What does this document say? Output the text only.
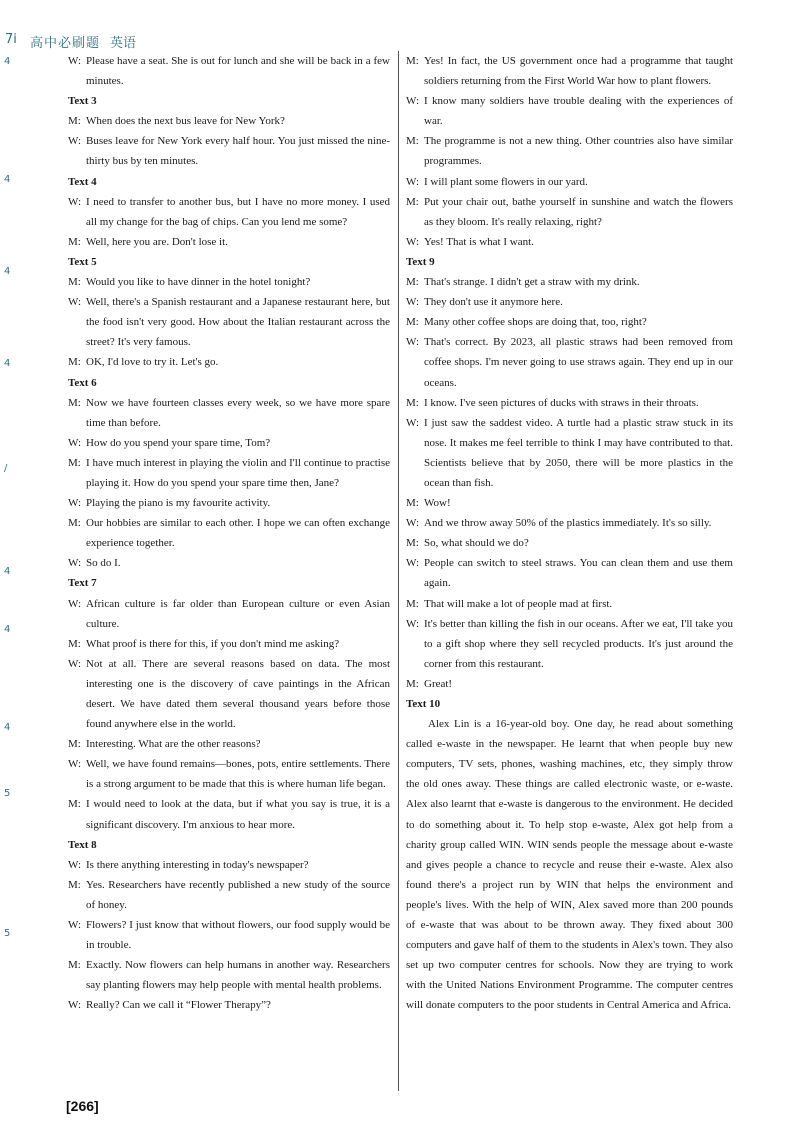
4
4
4
4
/
4
4
4
5
5
7i 高中必刷题 英语
W: Please have a seat. She is out for lunch and she will be back in a few minutes.
Text 3
M: When does the next bus leave for New York?
W: Buses leave for New York every half hour. You just missed the nine-thirty bus by ten minutes.
Text 4
W: I need to transfer to another bus, but I have no more money. I used all my change for the bag of chips. Can you lend me some?
M: Well, here you are. Don't lose it.
Text 5
M: Would you like to have dinner in the hotel tonight?
W: Well, there's a Spanish restaurant and a Japanese restaurant here, but the food isn't very good. How about the Italian restaurant across the street? It's very famous.
M: OK, I'd love to try it. Let's go.
Text 6
M: Now we have fourteen classes every week, so we have more spare time than before.
W: How do you spend your spare time, Tom?
M: I have much interest in playing the violin and I'll continue to practise playing it. How do you spend your spare time then, Jane?
W: Playing the piano is my favourite activity.
M: Our hobbies are similar to each other. I hope we can often exchange experience together.
W: So do I.
Text 7
W: African culture is far older than European culture or even Asian culture.
M: What proof is there for this, if you don't mind me asking?
W: Not at all. There are several reasons based on data. The most interesting one is the discovery of cave paintings in the African desert. We have dated them several thousand years before those found anywhere else in the world.
M: Interesting. What are the other reasons?
W: Well, we have found remains—bones, pots, entire settlements. There is a strong argument to be made that this is where human life began.
M: I would need to look at the data, but if what you say is true, it is a significant discovery. I'm anxious to hear more.
Text 8
W: Is there anything interesting in today's newspaper?
M: Yes. Researchers have recently published a new study of the source of honey.
W: Flowers? I just know that without flowers, our food supply would be in trouble.
M: Exactly. Now flowers can help humans in another way. Researchers say planting flowers may help people with mental health problems.
W: Really? Can we call it “Flower Therapy”?
M: Yes! In fact, the US government once had a programme that taught soldiers returning from the First World War how to plant flowers.
W: I know many soldiers have trouble dealing with the experiences of war.
M: The programme is not a new thing. Other countries also have similar programmes.
W: I will plant some flowers in our yard.
M: Put your chair out, bathe yourself in sunshine and watch the flowers as they bloom. It's really relaxing, right?
W: Yes! That is what I want.
Text 9
M: That's strange. I didn't get a straw with my drink.
W: They don't use it anymore here.
M: Many other coffee shops are doing that, too, right?
W: That's correct. By 2023, all plastic straws had been removed from coffee shops. I'm never going to use straws again. They end up in our oceans.
M: I know. I've seen pictures of ducks with straws in their throats.
W: I just saw the saddest video. A turtle had a plastic straw stuck in its nose. It makes me feel terrible to think I may have contributed to that. Scientists believe that by 2050, there will be more plastics in the ocean than fish.
M: Wow!
W: And we throw away 50% of the plastics immediately. It's so silly.
M: So, what should we do?
W: People can switch to steel straws. You can clean them and use them again.
M: That will make a lot of people mad at first.
W: It's better than killing the fish in our oceans. After we eat, I'll take you to a gift shop where they sell recycled products. It's just around the corner from this restaurant.
M: Great!
Text 10
Alex Lin is a 16-year-old boy. One day, he read about something called e-waste in the newspaper. He learnt that when people buy new computers, TV sets, phones, washing machines, etc, they simply throw the old ones away. These things are called electronic waste, or e-waste. Alex also learnt that e-waste is dangerous to the environment. He decided to do something about it. To help stop e-waste, Alex got help from a charity group called WIN. WIN sends people the message about e-waste and gives people a chance to recycle and reuse their e-waste. Alex also found there's a project run by WIN that helps the environment and people's lives. With the help of WIN, Alex saved more than 200 pounds of e-waste that was about to be thrown away. They fixed about 300 computers and gave half of them to the students in Alex's town. They also set up two computer centres for schools. Now they are trying to work with the United Nations Environment Programme. The computer centres will donate computers to the poor students in Central America and Africa.
[266]
